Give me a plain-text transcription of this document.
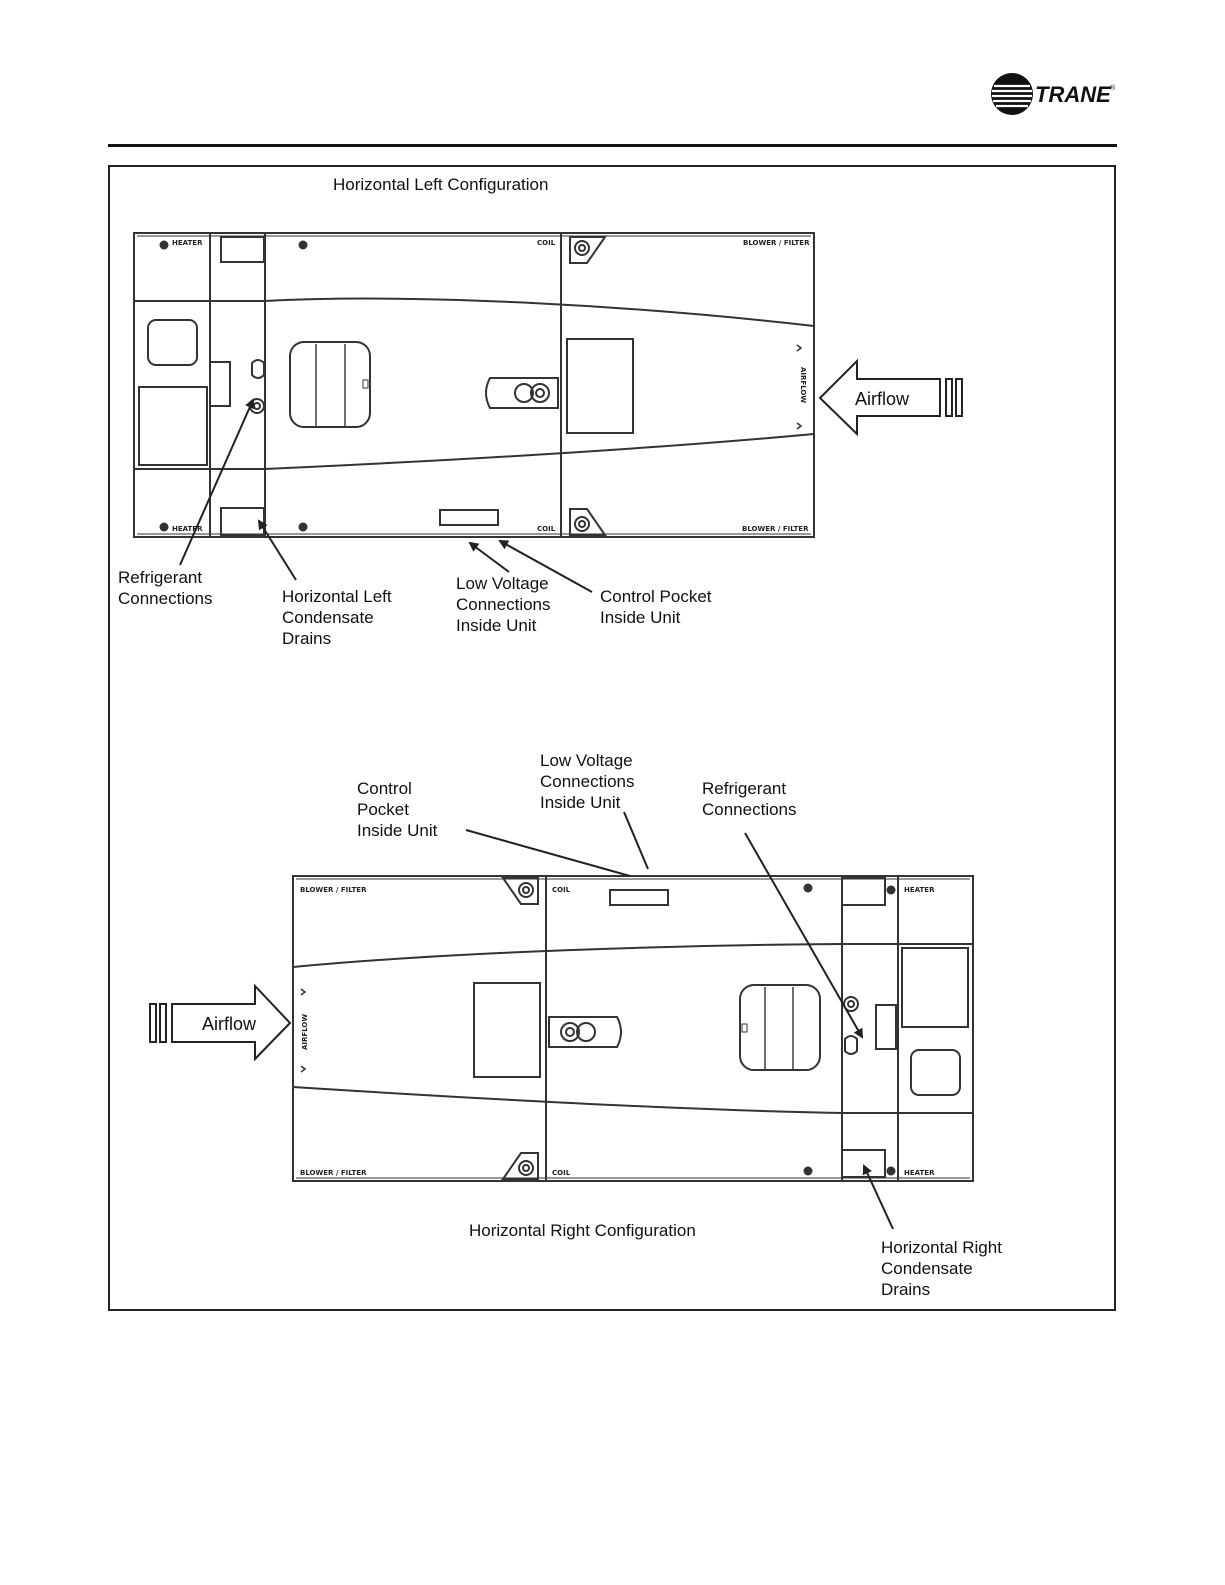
TRANE ®
HEATER	COIL	BLOWER / FILTER
BLOWER / FILTER
COIL
HEATER
AIRFLOW	Airflow
BLOWER / FILTER	COIL	HEATER
BLOWER / FILTER	COIL	HEATER
AIRFLOW
Airflow
Horizontal Left Configuration
Horizontal Right Configuration
Refrigerant
Connections	Horizontal Left
Condensate
Drains
Low Voltage
Connections
Inside Unit
Control Pocket
Inside Unit
Control
Pocket
Inside Unit
Low Voltage
Connections
Inside Unit
Refrigerant
Connections
Horizontal Right
Condensate
Drains
